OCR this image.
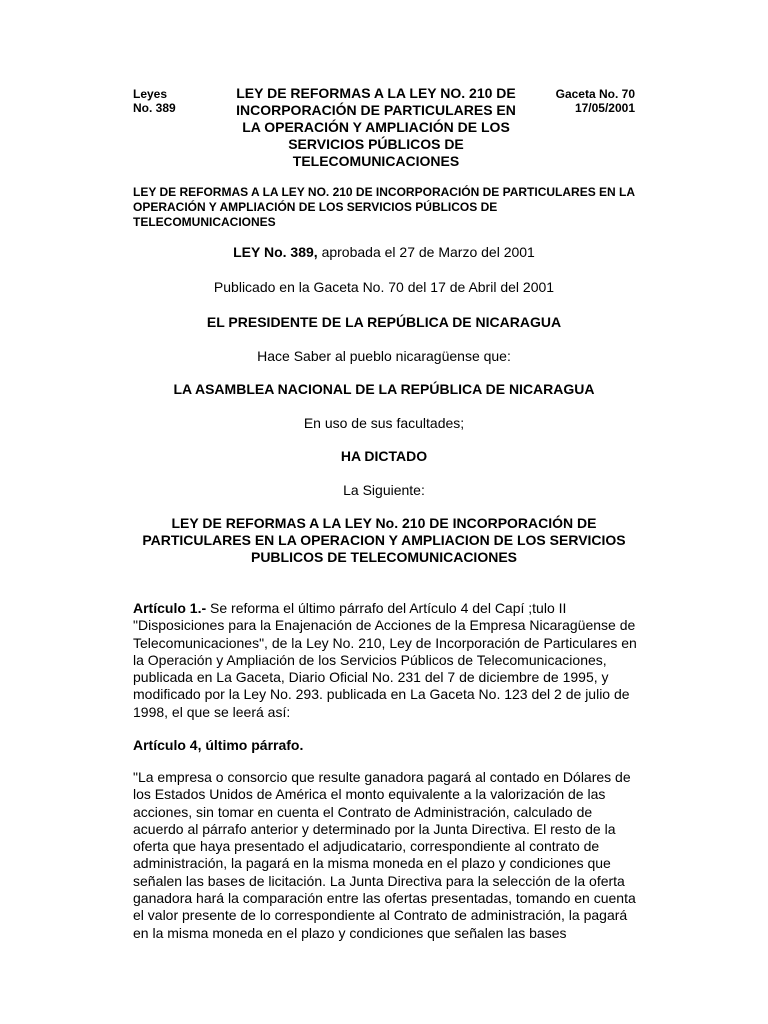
Leyes
No. 389
LEY DE REFORMAS A LA LEY NO. 210 DE
INCORPORACIÓN DE PARTICULARES EN
LA OPERACIÓN Y AMPLIACIÓN DE LOS
SERVICIOS PÚBLICOS DE
TELECOMUNICACIONES
Gaceta No. 70
17/05/2001
LEY DE REFORMAS A LA LEY NO. 210 DE INCORPORACIÓN DE PARTICULARES EN LA OPERACIÓN Y AMPLIACIÓN DE LOS SERVICIOS PÚBLICOS DE TELECOMUNICACIONES
LEY No. 389, aprobada el 27 de Marzo del 2001
Publicado en la Gaceta No. 70 del 17 de Abril del 2001
EL PRESIDENTE DE LA REPÚBLICA DE NICARAGUA
Hace Saber al pueblo nicaragüense que:
LA ASAMBLEA NACIONAL DE LA REPÚBLICA DE NICARAGUA
En uso de sus facultades;
HA DICTADO
La Siguiente:
LEY DE REFORMAS A LA LEY No. 210 DE INCORPORACIÓN DE
PARTICULARES EN LA OPERACION Y AMPLIACION DE LOS SERVICIOS
PUBLICOS DE TELECOMUNICACIONES
Artículo 1.- Se reforma el último párrafo del Artículo 4 del Capí ;tulo II "Disposiciones para la Enajenación de Acciones de la Empresa Nicaragüense de Telecomunicaciones", de la Ley No. 210, Ley de Incorporación de Particulares en la Operación y Ampliación de los Servicios Públicos de Telecomunicaciones, publicada en La Gaceta, Diario Oficial No. 231 del 7 de diciembre de 1995, y modificado por la Ley No. 293. publicada en La Gaceta No. 123 del 2 de julio de 1998, el que se leerá así:
Artículo 4, último párrafo.
"La empresa o consorcio que resulte ganadora pagará al contado en Dólares de los Estados Unidos de América el monto equivalente a la valorización de las acciones, sin tomar en cuenta el Contrato de Administración, calculado de acuerdo al párrafo anterior y determinado por la Junta Directiva. El resto de la oferta que haya presentado el adjudicatario, correspondiente al contrato de administración, la pagará en la misma moneda en el plazo y condiciones que señalen las bases de licitación. La Junta Directiva para la selección de la oferta ganadora hará la comparación entre las ofertas presentadas, tomando en cuenta el valor presente de lo correspondiente al Contrato de administración, la pagará en la misma moneda en el plazo y condiciones que señalen las bases
